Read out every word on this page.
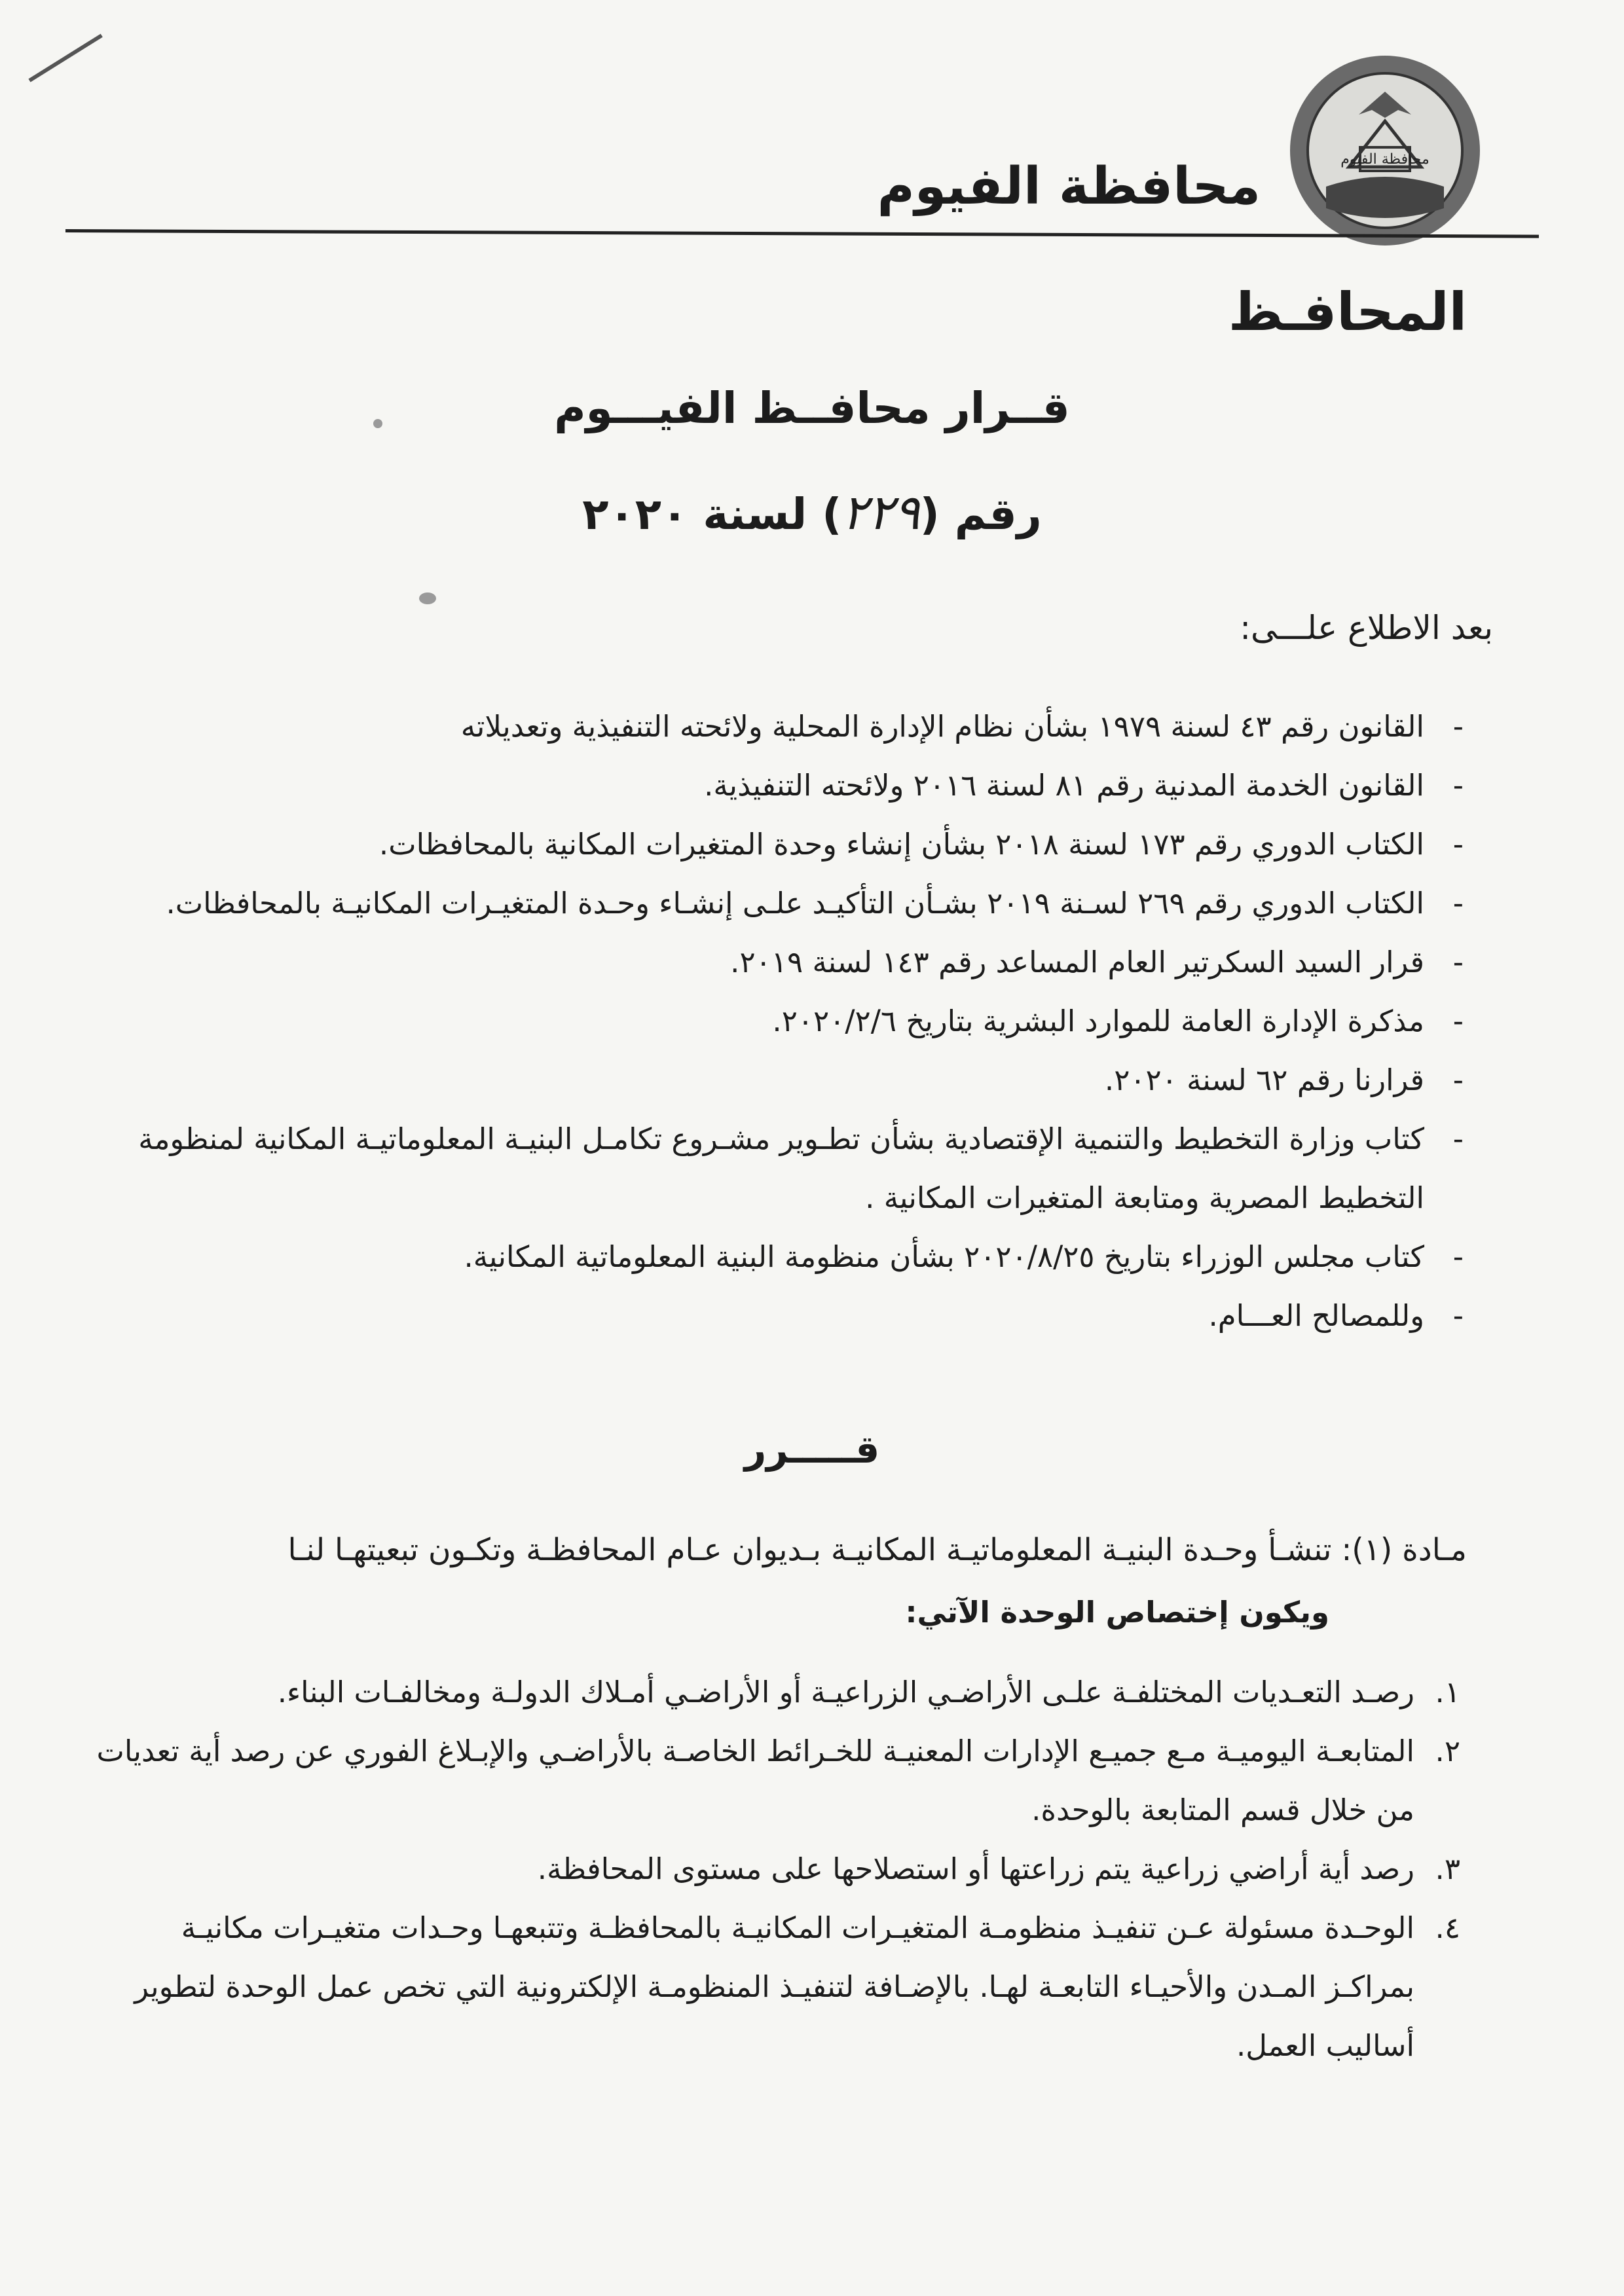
محافظة الفيوم
محافظة الفيوم
المحافـظ
قــرار محافــظ الفيـــوم
رقم (٢٢٩) لسنة ٢٠٢٠
بعد الاطلاع علـــى:
- القانون رقم ٤٣ لسنة ١٩٧٩ بشأن نظام الإدارة المحلية ولائحته التنفيذية وتعديلاته
- القانون الخدمة المدنية رقم ٨١ لسنة ٢٠١٦ ولائحته التنفيذية.
- الكتاب الدوري رقم ١٧٣ لسنة ٢٠١٨ بشأن إنشاء وحدة المتغيرات المكانية بالمحافظات.
- الكتاب الدوري رقم ٢٦٩ لسـنة ٢٠١٩ بشـأن التأكيـد علـى إنشـاء وحـدة المتغيـرات المكانيـة بالمحافظات.
- قرار السيد السكرتير العام المساعد رقم ١٤٣ لسنة ٢٠١٩.
- مذكرة الإدارة العامة للموارد البشرية بتاريخ ٢٠٢٠/٢/٦.
- قرارنا رقم ٦٢ لسنة ٢٠٢٠.
- كتاب وزارة التخطيط والتنمية الإقتصادية بشأن تطـوير مشـروع تكامـل البنيـة المعلوماتيـة المكانية لمنظومة التخطيط المصرية ومتابعة المتغيرات المكانية .
- كتاب مجلس الوزراء بتاريخ ٢٠٢٠/٨/٢٥ بشأن منظومة البنية المعلوماتية المكانية.
- وللمصالح العـــام.
قـــــرر
مـادة (١): تنشـأ وحـدة البنيـة المعلوماتيـة المكانيـة بـديوان عـام المحافظـة وتكـون تبعيتهـا لنـا
ويكون إختصاص الوحدة الآتي:
١.
رصـد التعـديات المختلفـة علـى الأراضـي الزراعيـة أو الأراضـي أمـلاك الدولـة ومخالفـات البناء.
٢.
المتابعـة اليوميـة مـع جميـع الإدارات المعنيـة للخـرائط الخاصـة بالأراضـي والإبـلاغ الفوري عن رصد أية تعديات من خلال قسم المتابعة بالوحدة.
٣.
رصد أية أراضي زراعية يتم زراعتها أو استصلاحها على مستوى المحافظة.
٤.
الوحـدة مسئولة عـن تنفيـذ منظومـة المتغيـرات المكانيـة بالمحافظـة وتتبعهـا وحـدات متغيـرات مكانيـة بمراكـز المـدن والأحيـاء التابعـة لهـا. بالإضـافة لتنفيـذ المنظومـة الإلكترونية التي تخص عمل الوحدة لتطوير أساليب العمل.
